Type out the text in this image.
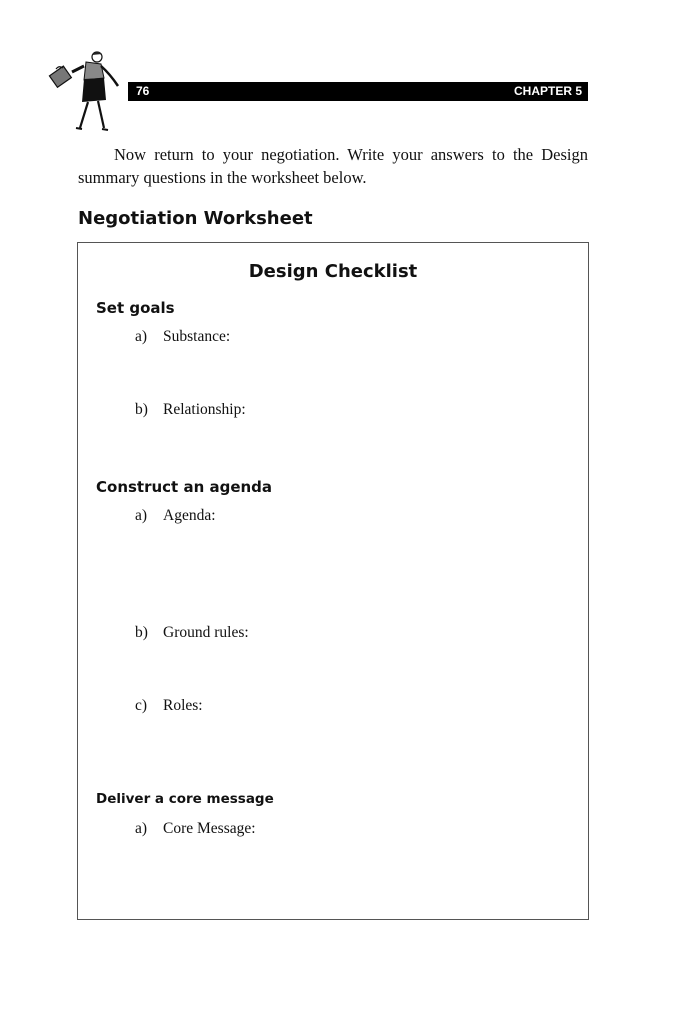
76	CHAPTER 5

Now return to your negotiation. Write your answers to the Design summary questions in the worksheet below.

Negotiation Worksheet
Design Checklist
Set goals
a) Substance:
b) Relationship:
Construct an agenda
a) Agenda:
b) Ground rules:
c) Roles:
Deliver a core message
a) Core Message:
